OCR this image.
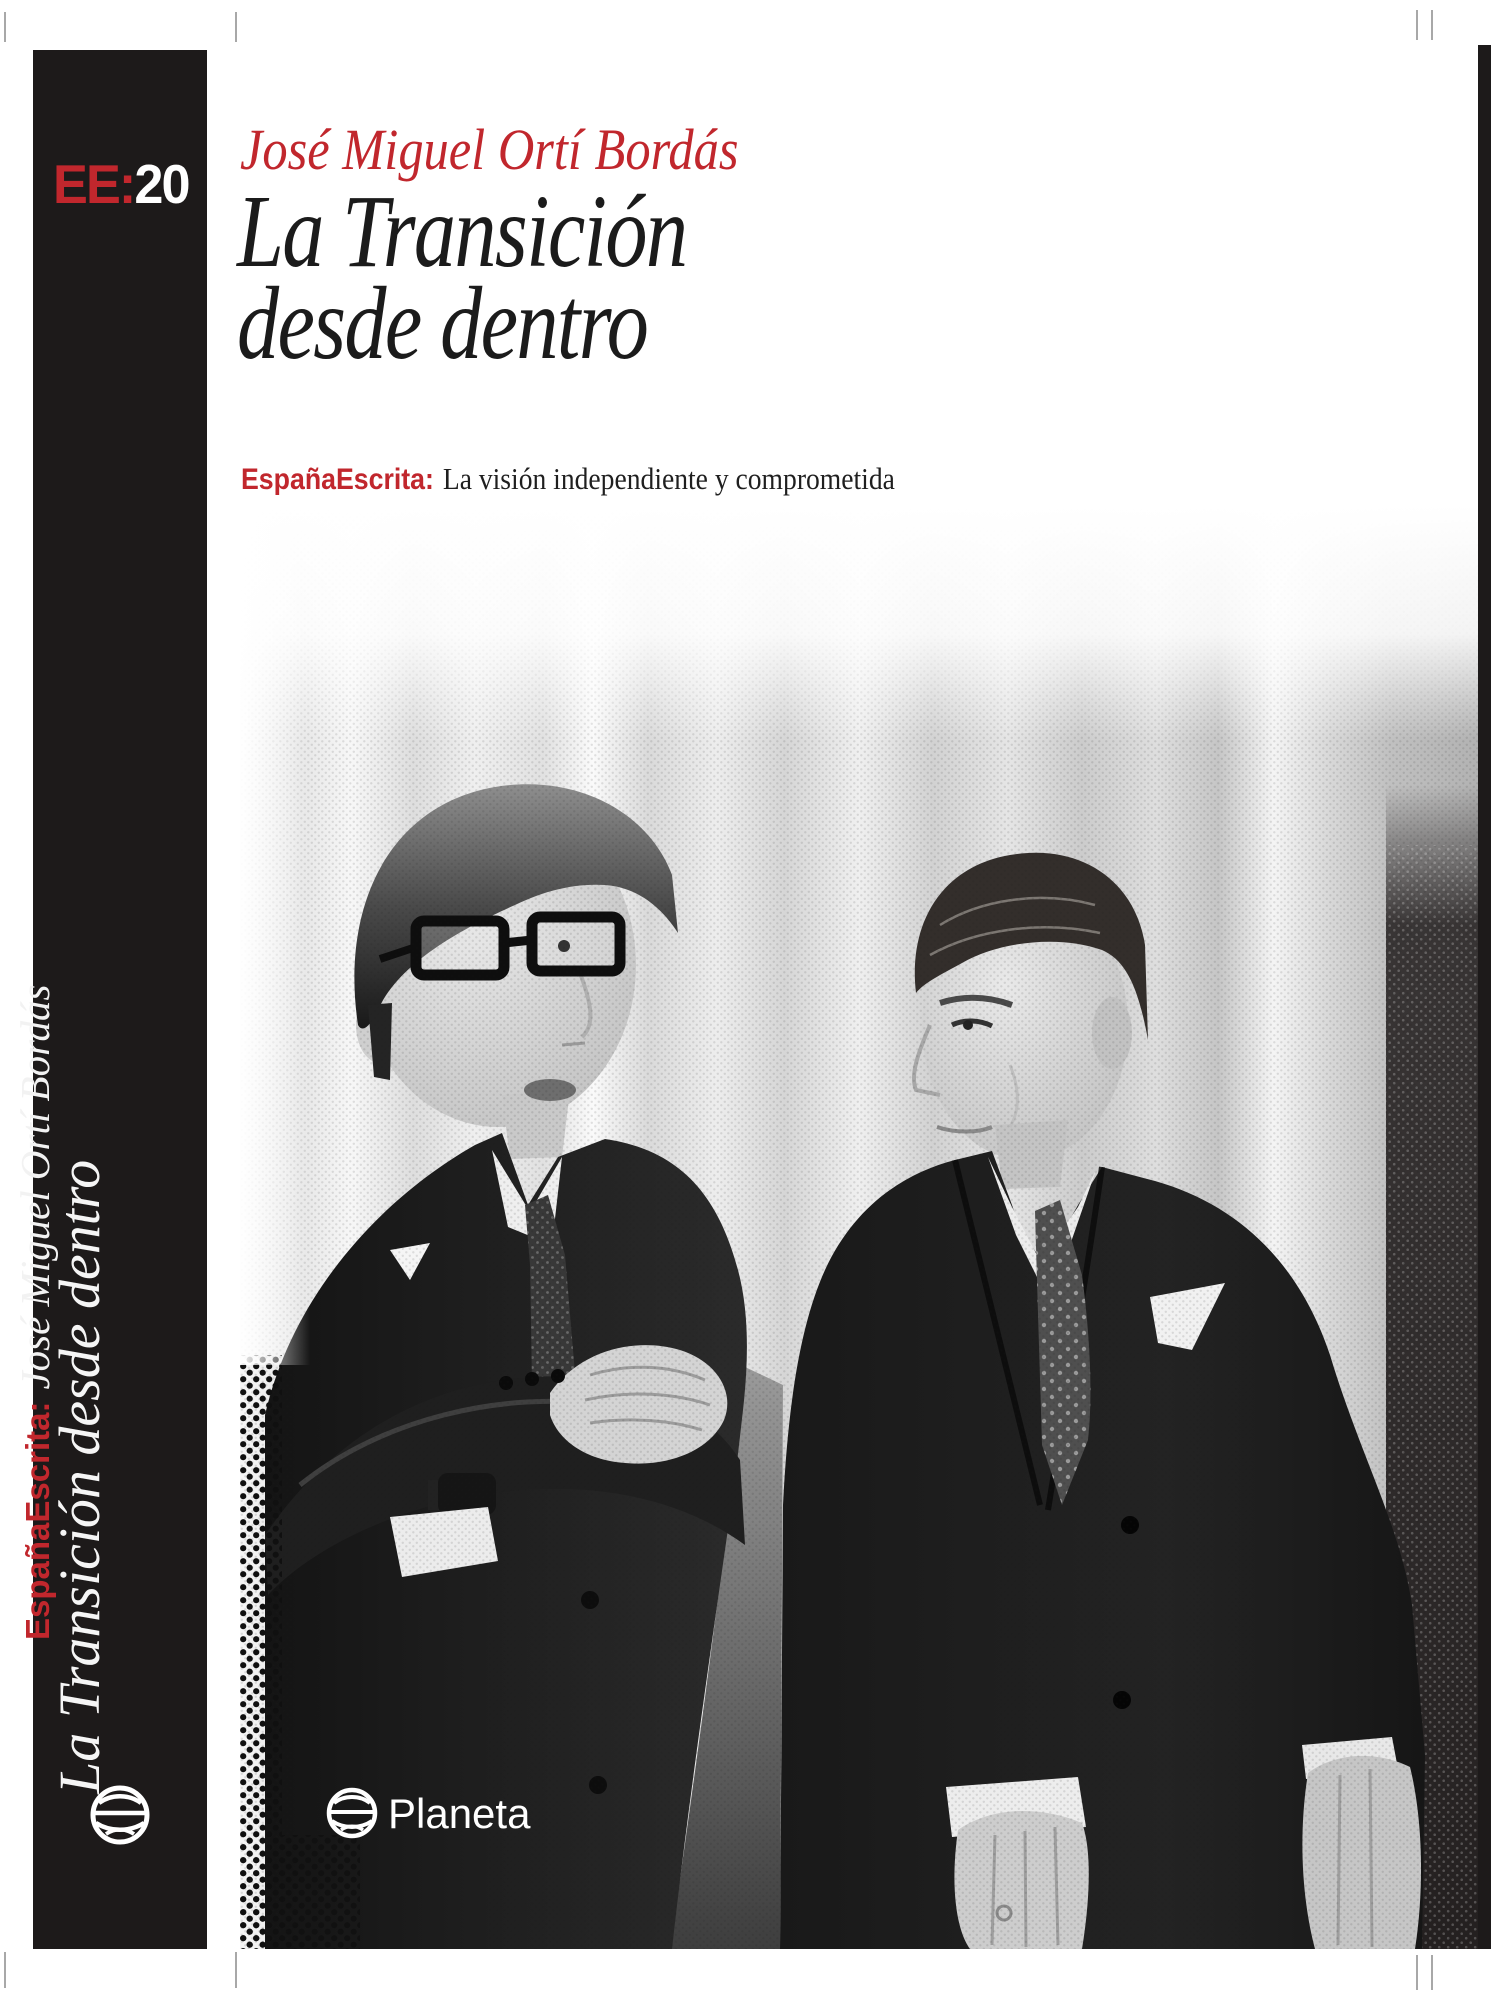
EE:20
EspañaEscrita:José Miguel Ortí Bordás
La Transición desde dentro
José Miguel Ortí Bordás
La Transición
desde dentro
EspañaEscrita: La visión independiente y comprometida
Planeta
